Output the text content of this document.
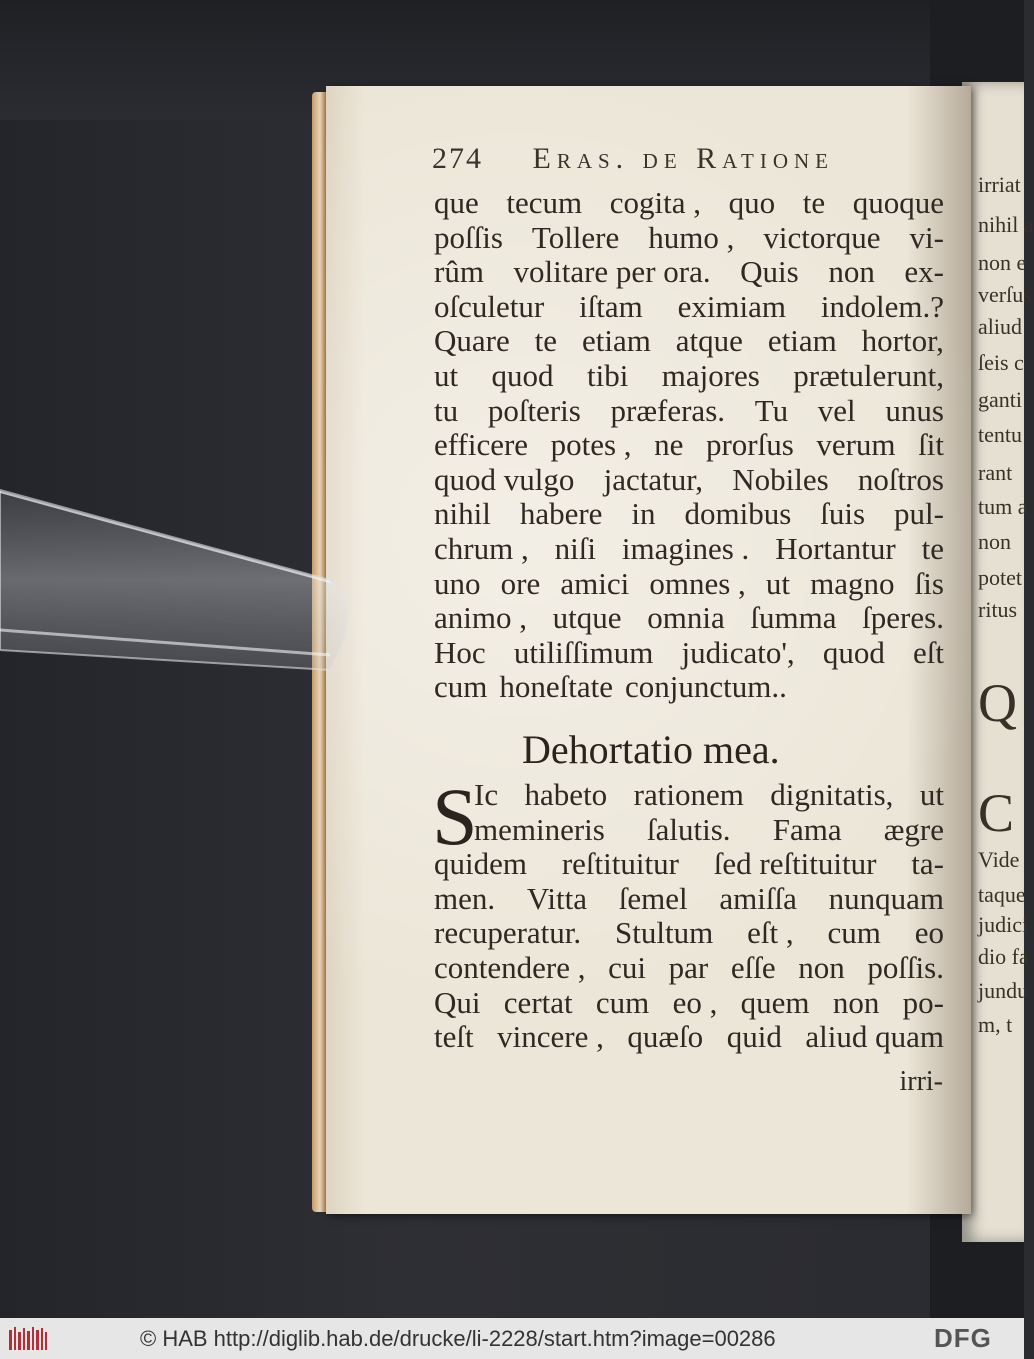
irriat
nihil a
non e
verſus
aliud
ſeis c
ganti
tentu
rant
tum a
non
potet
ritus
Q
C
Vide
taque
judici
dio fa
jundu
m, t
274 Eras. de Ratione
que tecum cogita , quo te quoque
poſſis Tollere humo , victorque vi-
rûm volitare per ora. Quis non ex-
oſculetur iſtam eximiam indolem.?
Quare te etiam atque etiam hortor,
ut quod tibi majores prætulerunt,
tu poſteris præferas. Tu vel unus
efficere potes , ne prorſus verum ſit
quod vulgo jactatur, Nobiles noſtros
nihil habere in domibus ſuis pul-
chrum , niſi imagines . Hortantur te
uno ore amici omnes , ut magno ſis
animo , utque omnia ſumma ſperes.
Hoc utiliſſimum judicato', quod eſt
cum honeſtate conjunctum..
Dehortatio mea.
S
Ic habeto rationem dignitatis, ut
memineris ſalutis. Fama ægre
quidem reſtituitur ſed reſtituitur ta-
men. Vitta ſemel amiſſa nunquam
recuperatur. Stultum eſt , cum eo
contendere , cui par eſſe non poſſis.
Qui certat cum eo , quem non po-
teſt vincere , quæſo quid aliud quam
irri-
© HAB http://diglib.hab.de/drucke/li-2228/start.htm?image=00286	DFG
